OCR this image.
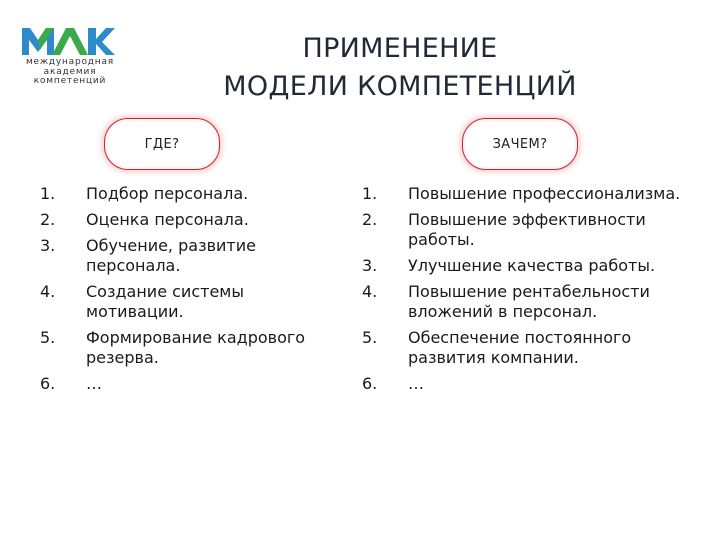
международная
академия
компетенций
ПРИМЕНЕНИЕ
МОДЕЛИ КОМПЕТЕНЦИЙ
ГДЕ?	ЗАЧЕМ?
1.	Подбор персонала.
2.	Оценка персонала.
3.	Обучение, развитие персонала.
4.	Создание системы мотивации.
5.	Формирование кадрового резерва.
6.	…
1.	Повышение профессионализма.
2.	Повышение эффективности работы.
3.	Улучшение качества работы.
4.	Повышение рентабельности вложений в персонал.
5.	Обеспечение постоянного развития компании.
6.	…
